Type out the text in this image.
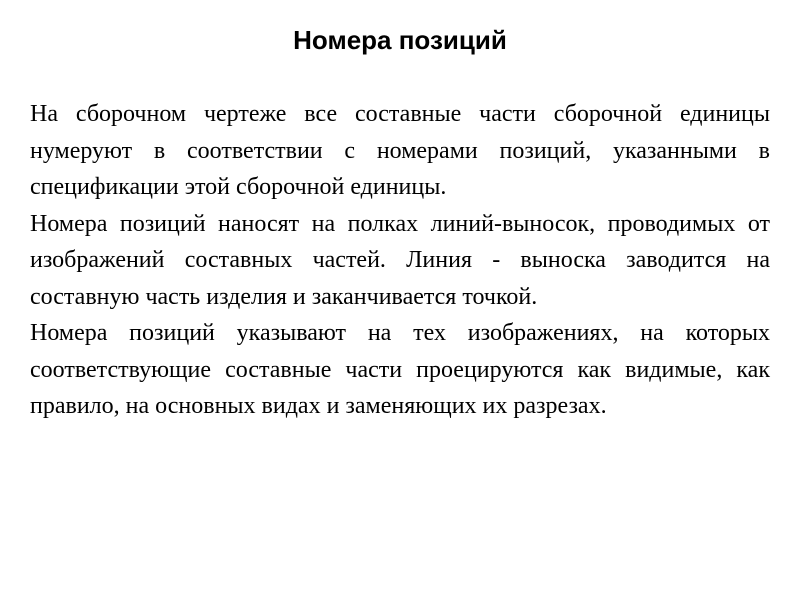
Номера позиций

На сборочном чертеже все составные части сборочной единицы нумеруют в соответствии с номерами позиций, указанными в спецификации этой сборочной единицы.

Номера позиций наносят на полках линий-выносок, проводимых от изображений составных частей. Линия - выноска заводится на составную часть изделия и заканчивается точкой.

Номера позиций указывают на тех изображениях, на которых соответствующие составные части проецируются как видимые, как правило, на основных видах и заменяющих их разрезах.
